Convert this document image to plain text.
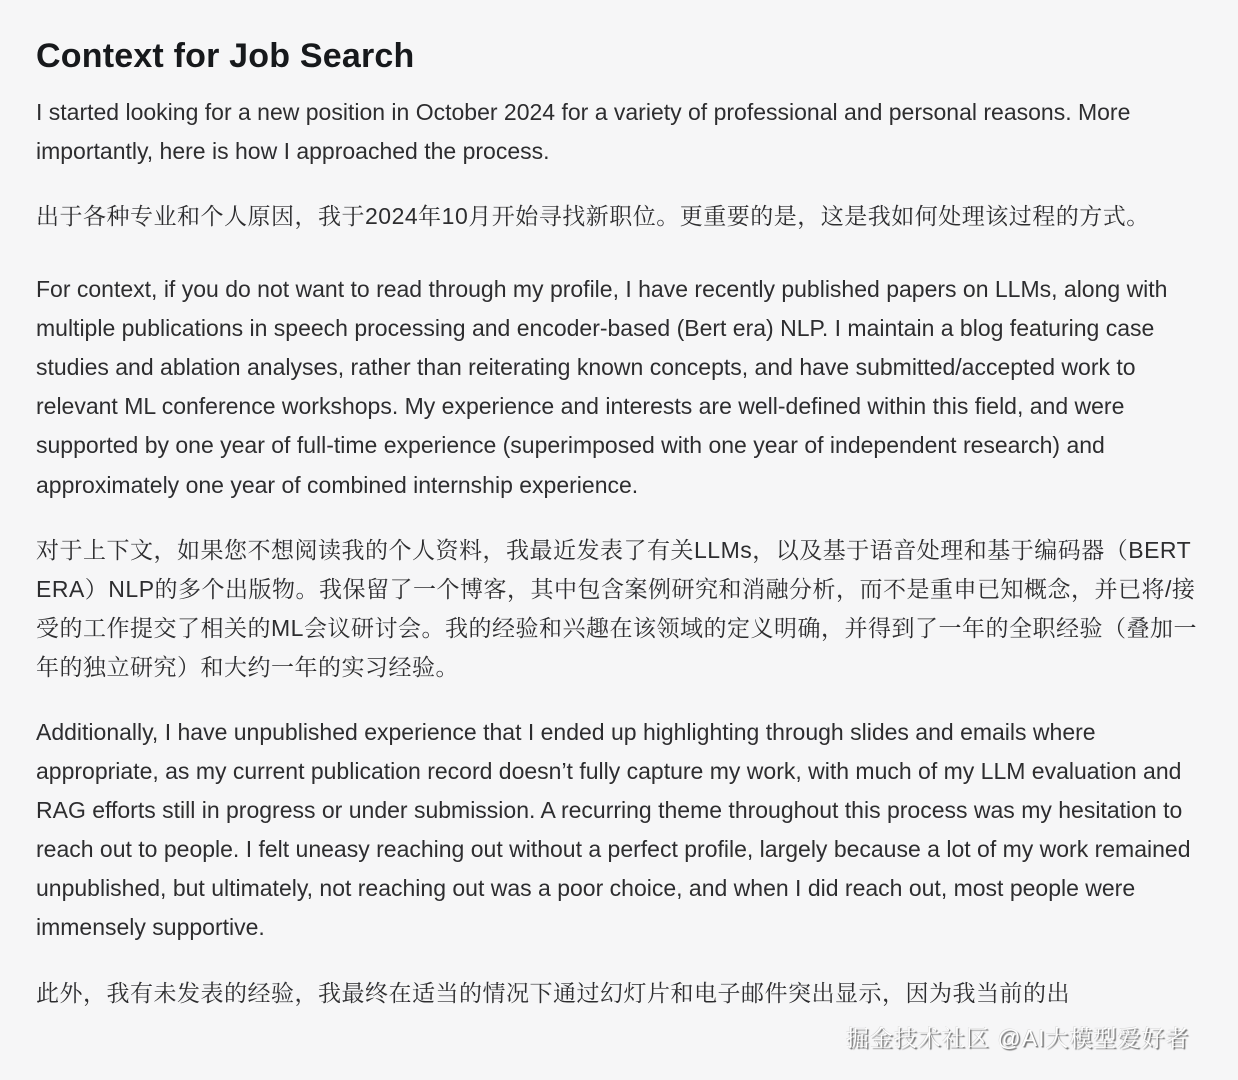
Context for Job Search

I started looking for a new position in October 2024 for a variety of professional and personal reasons. More importantly, here is how I approached the process.

出于各种专业和个人原因，我于2024年10月开始寻找新职位。更重要的是，这是我如何处理该过程的方式。

For context, if you do not want to read through my profile, I have recently published papers on LLMs, along with multiple publications in speech processing and encoder-based (Bert era) NLP. I maintain a blog featuring case studies and ablation analyses, rather than reiterating known concepts, and have submitted/accepted work to relevant ML conference workshops. My experience and interests are well-defined within this field, and were supported by one year of full-time experience (superimposed with one year of independent research) and approximately one year of combined internship experience.

对于上下文，如果您不想阅读我的个人资料，我最近发表了有关LLMs，以及基于语音处理和基于编码器（BERT ERA）NLP的多个出版物。我保留了一个博客，其中包含案例研究和消融分析，而不是重申已知概念，并已将/接受的工作提交了相关的ML会议研讨会。我的经验和兴趣在该领域的定义明确，并得到了一年的全职经验（叠加一年的独立研究）和大约一年的实习经验。

Additionally, I have unpublished experience that I ended up highlighting through slides and emails where appropriate, as my current publication record doesn’t fully capture my work, with much of my LLM evaluation and RAG efforts still in progress or under submission. A recurring theme throughout this process was my hesitation to reach out to people. I felt uneasy reaching out without a perfect profile, largely because a lot of my work remained unpublished, but ultimately, not reaching out was a poor choice, and when I did reach out, most people were immensely supportive.

此外，我有未发表的经验，我最终在适当的情况下通过幻灯片和电子邮件突出显示，因为我当前的出

掘金技术社区 @AI大模型爱好者
